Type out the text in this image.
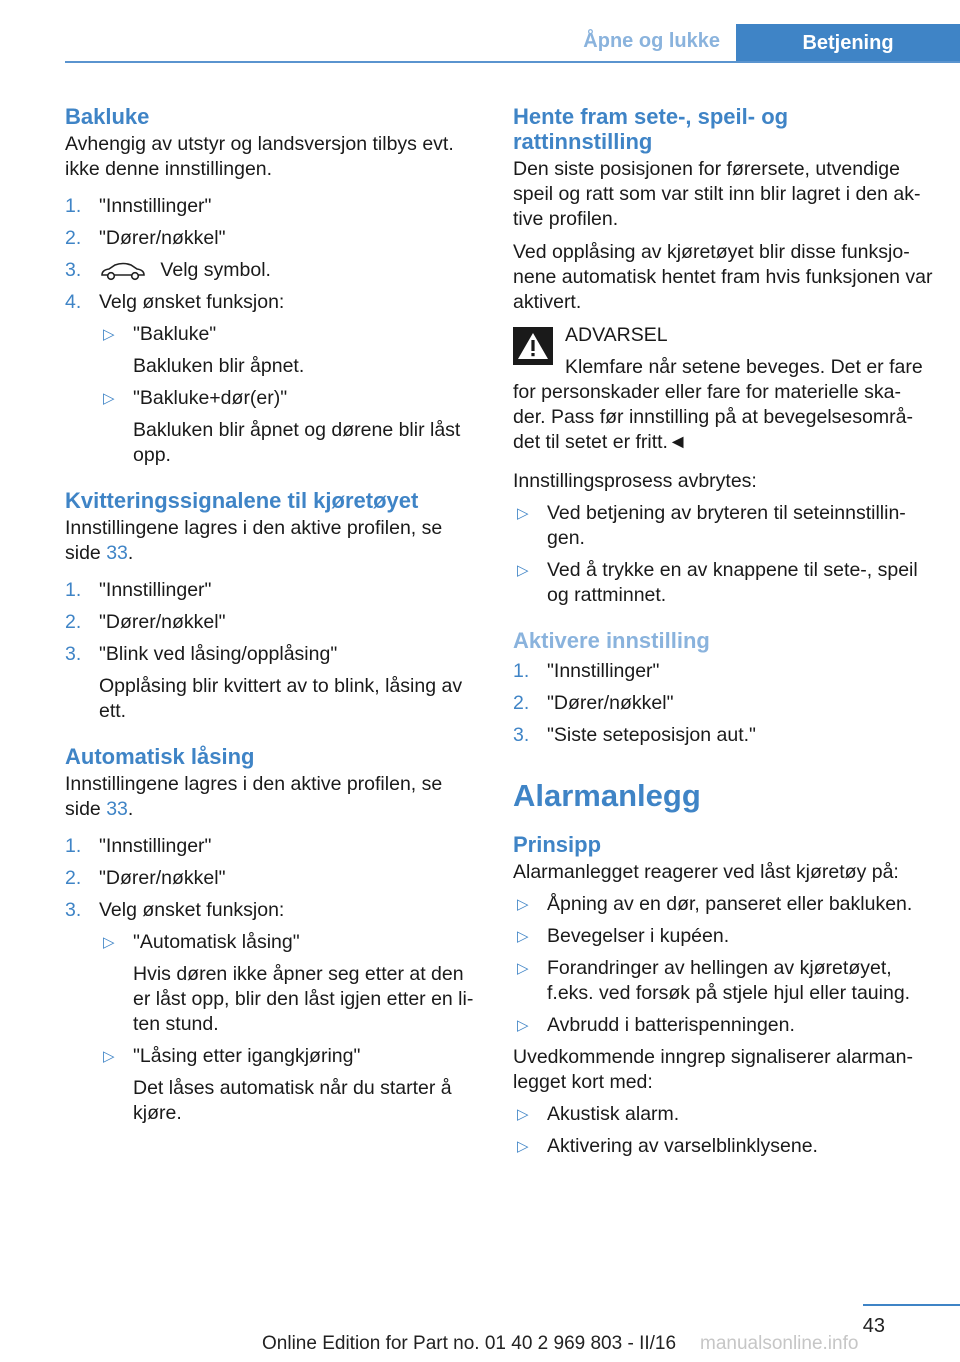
Åpne og lukke	Betjening
Bakluke

Avhengig av utstyr og landsversjon tilbys evt. ikke denne innstillingen.

1. "Innstillinger"
2. "Dører/nøkkel"
3.	Velg symbol.
4. Velg ønsket funksjon:
▷ "Bakluke"
Bakluken blir åpnet.
▷ "Bakluke+dør(er)"
Bakluken blir åpnet og dørene blir låst opp.
Kvitteringssignalene til kjøretøyet

Innstillingene lagres i den aktive profilen, se side 33.

1. "Innstillinger"
2. "Dører/nøkkel"
3. "Blink ved låsing/opplåsing"
Opplåsing blir kvittert av to blink, låsing av ett.
Automatisk låsing

Innstillingene lagres i den aktive profilen, se side 33.

1. "Innstillinger"
2. "Dører/nøkkel"
3. Velg ønsket funksjon:
▷ "Automatisk låsing"
Hvis døren ikke åpner seg etter at den er låst opp, blir den låst igjen etter en li‐ ten stund.
▷ "Låsing etter igangkjøring"
Det låses automatisk når du starter å kjøre.
Hente fram sete-, speil- og rattinnstilling

Den siste posisjonen for førersete, utvendige speil og ratt som var stilt inn blir lagret i den ak‐ tive profilen.

Ved opplåsing av kjøretøyet blir disse funksjo‐ nene automatisk hentet fram hvis funksjonen var aktivert.

ADVARSEL
Klemfare når setene beveges. Det er fare
for personskader eller fare for materielle ska‐ der. Pass før innstilling på at bevegelsesområ‐ det til setet er fritt.◄

Innstillingsprosess avbrytes:

▷ Ved betjening av bryteren til seteinnstillin‐ gen.
▷ Ved å trykke en av knappene til sete-, speil og rattminnet.
Aktivere innstilling
1. "Innstillinger"
2. "Dører/nøkkel"
3. "Siste seteposisjon aut."
Alarmanlegg
Prinsipp

Alarmanlegget reagerer ved låst kjøretøy på:

▷ Åpning av en dør, panseret eller bakluken.
▷ Bevegelser i kupéen.
▷ Forandringer av hellingen av kjøretøyet, f.eks. ved forsøk på stjele hjul eller tauing.
▷ Avbrudd i batterispenningen.

Uvedkommende inngrep signaliserer alarman‐ legget kort med:

▷ Akustisk alarm.
▷ Aktivering av varselblinklysene.
43
Online Edition for Part no. 01 40 2 969 803 - II/16 manualsonline.info
